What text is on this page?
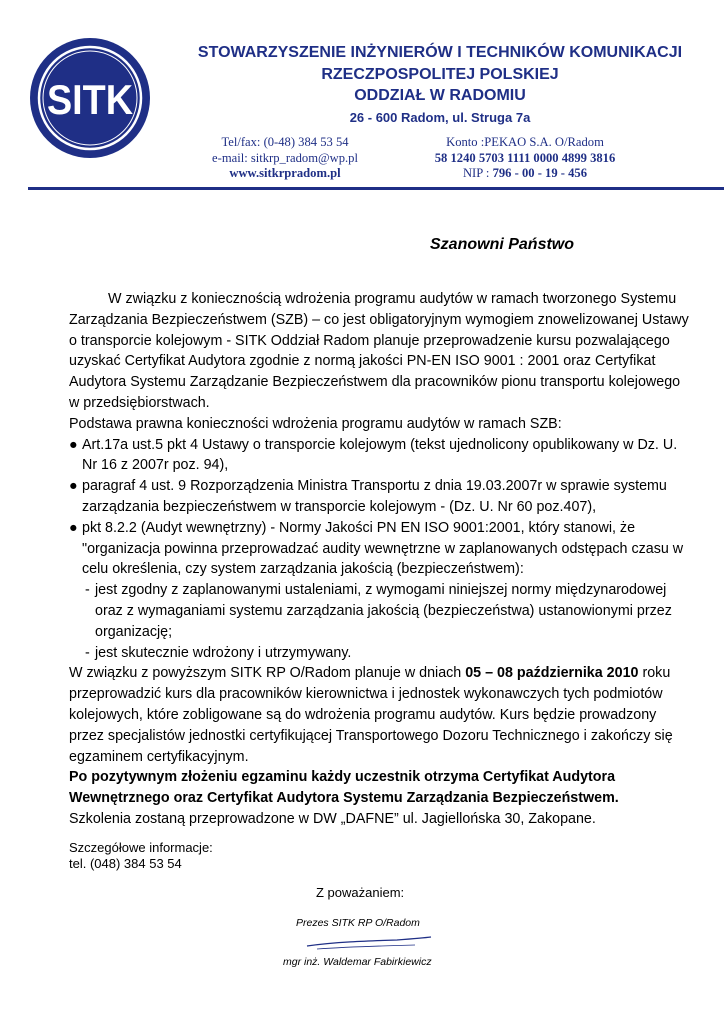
SITK
STOWARZYSZENIE INŻYNIERÓW I TECHNIKÓW KOMUNIKACJI
RZECZPOSPOLITEJ POLSKIEJ
ODDZIAŁ W RADOMIU
26 - 600 Radom, ul. Struga 7a
Tel/fax: (0-48) 384 53 54
e-mail: sitkrp_radom@wp.pl
www.sitkrpradom.pl
Konto :PEKAO S.A. O/Radom
58 1240 5703 1111 0000 4899 3816
NIP : 796 - 00 - 19 - 456
Szanowni Państwo

W związku z koniecznością wdrożenia programu audytów w ramach tworzonego Systemu Zarządzania Bezpieczeństwem (SZB) – co jest obligatoryjnym wymogiem znowelizowanej Ustawy o transporcie kolejowym - SITK Oddział Radom planuje przeprowadzenie kursu pozwalającego uzyskać Certyfikat Audytora zgodnie z normą jakości PN-EN ISO 9001 : 2001 oraz Certyfikat Audytora Systemu Zarządzanie Bezpieczeństwem dla pracowników pionu transportu kolejowego w przedsiębiorstwach.

Podstawa prawna konieczności wdrożenia programu audytów w ramach SZB:

● Art.17a ust.5 pkt 4 Ustawy o transporcie kolejowym (tekst ujednolicony opublikowany w Dz. U. Nr 16 z 2007r poz. 94),
● paragraf 4 ust. 9 Rozporządzenia Ministra Transportu z dnia 19.03.2007r w sprawie systemu zarządzania bezpieczeństwem w transporcie kolejowym - (Dz. U. Nr 60 poz.407),
● pkt 8.2.2 (Audyt wewnętrzny) - Normy Jakości PN EN ISO 9001:2001, który stanowi, że "organizacja powinna przeprowadzać audity wewnętrzne w zaplanowanych odstępach czasu w celu określenia, czy system zarządzania jakością (bezpieczeństwem):
- jest zgodny z zaplanowanymi ustaleniami, z wymogami niniejszej normy międzynarodowej oraz z wymaganiami systemu zarządzania jakością (bezpieczeństwa) ustanowionymi przez organizację;
- jest skutecznie wdrożony i utrzymywany.

W związku z powyższym SITK RP O/Radom planuje w dniach 05 – 08 października 2010 roku przeprowadzić kurs dla pracowników kierownictwa i jednostek wykonawczych tych podmiotów kolejowych, które zobligowane są do wdrożenia programu audytów. Kurs będzie prowadzony przez specjalistów jednostki certyfikującej Transportowego Dozoru Technicznego i zakończy się egzaminem certyfikacyjnym.

Po pozytywnym złożeniu egzaminu każdy uczestnik otrzyma Certyfikat Audytora Wewnętrznego oraz Certyfikat Audytora Systemu Zarządzania Bezpieczeństwem.

Szkolenia zostaną przeprowadzone w DW „DAFNE” ul. Jagiellońska 30, Zakopane.

Szczegółowe informacje:
tel. (048) 384 53 54
Z poważaniem:
Prezes SITK RP O/Radom
mgr inż. Waldemar Fabirkiewicz
